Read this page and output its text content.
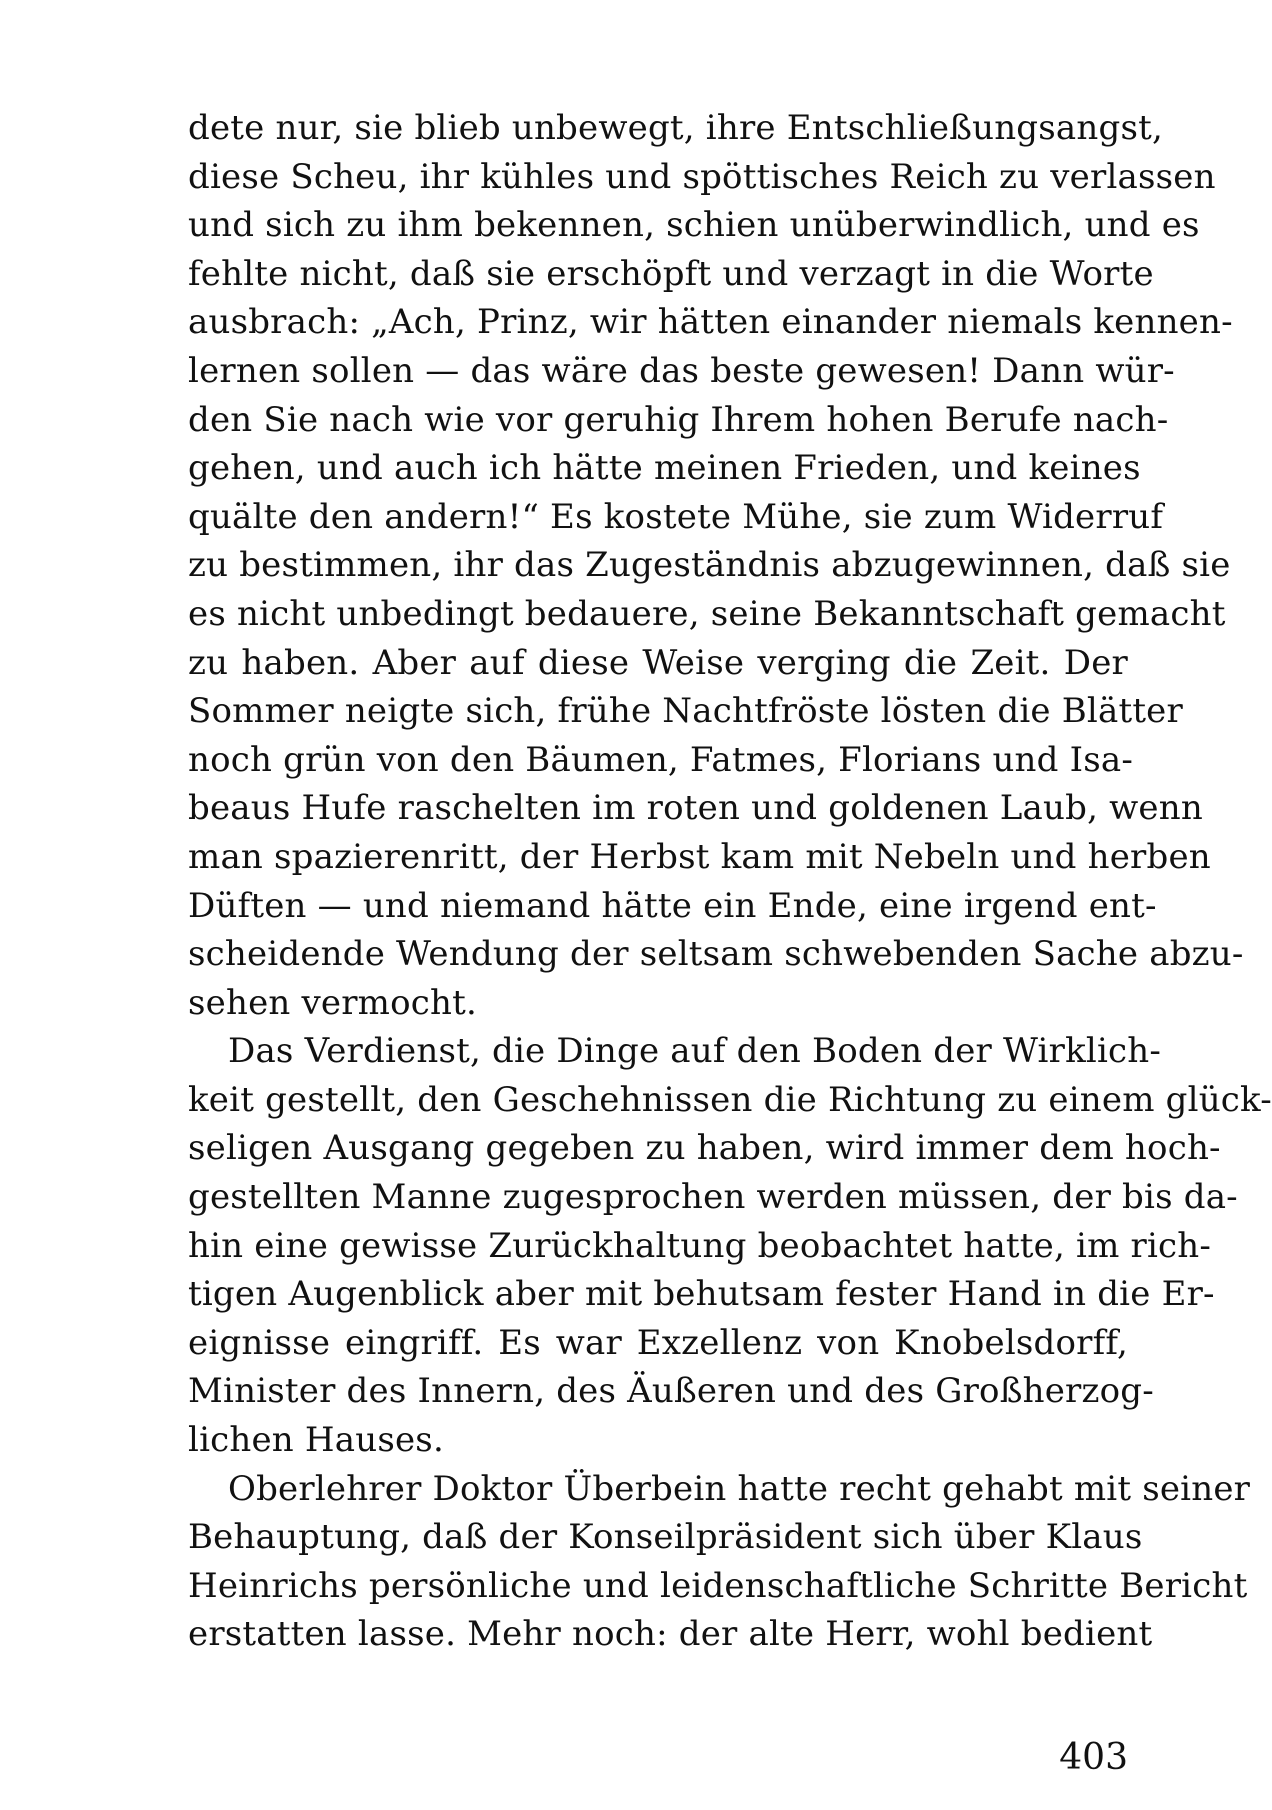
dete nur, sie blieb unbewegt, ihre Entschließungsangst,
diese Scheu, ihr kühles und spöttisches Reich zu verlassen
und sich zu ihm bekennen, schien unüberwindlich, und es
fehlte nicht, daß sie erschöpft und verzagt in die Worte
ausbrach: „Ach, Prinz, wir hätten einander niemals kennen-
lernen sollen — das wäre das beste gewesen! Dann wür-
den Sie nach wie vor geruhig Ihrem hohen Berufe nach-
gehen, und auch ich hätte meinen Frieden, und keines
quälte den andern!“ Es kostete Mühe, sie zum Widerruf
zu bestimmen, ihr das Zugeständnis abzugewinnen, daß sie
es nicht unbedingt bedauere, seine Bekanntschaft gemacht
zu haben. Aber auf diese Weise verging die Zeit. Der
Sommer neigte sich, frühe Nachtfröste lösten die Blätter
noch grün von den Bäumen, Fatmes, Florians und Isa-
beaus Hufe raschelten im roten und goldenen Laub, wenn
man spazierenritt, der Herbst kam mit Nebeln und herben
Düften — und niemand hätte ein Ende, eine irgend ent-
scheidende Wendung der seltsam schwebenden Sache abzu-
sehen vermocht.
Das Verdienst, die Dinge auf den Boden der Wirklich-
keit gestellt, den Geschehnissen die Richtung zu einem glück-
seligen Ausgang gegeben zu haben, wird immer dem hoch-
gestellten Manne zugesprochen werden müssen, der bis da-
hin eine gewisse Zurückhaltung beobachtet hatte, im rich-
tigen Augenblick aber mit behutsam fester Hand in die Er-
eignisse eingriff. Es war Exzellenz von Knobelsdorff,
Minister des Innern, des Äußeren und des Großherzog-
lichen Hauses.
Oberlehrer Doktor Überbein hatte recht gehabt mit seiner
Behauptung, daß der Konseilpräsident sich über Klaus
Heinrichs persönliche und leidenschaftliche Schritte Bericht
erstatten lasse. Mehr noch: der alte Herr, wohl bedient
403
